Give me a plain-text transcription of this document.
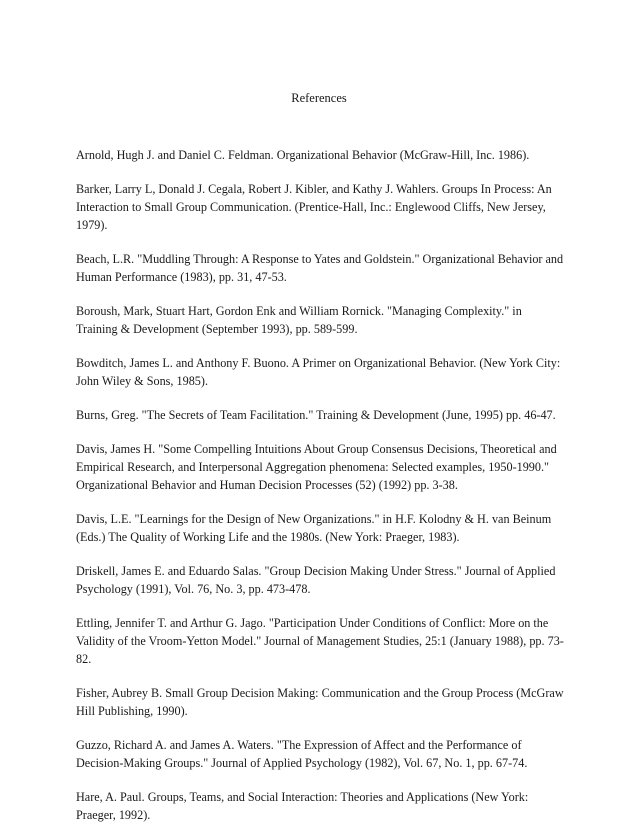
References
Arnold, Hugh J. and Daniel C. Feldman. Organizational Behavior (McGraw-Hill, Inc. 1986).
Barker, Larry L, Donald J. Cegala, Robert J. Kibler, and Kathy J. Wahlers. Groups In Process: An Interaction to Small Group Communication. (Prentice-Hall, Inc.: Englewood Cliffs, New Jersey, 1979).
Beach, L.R. "Muddling Through: A Response to Yates and Goldstein." Organizational Behavior and Human Performance (1983), pp. 31, 47-53.
Boroush, Mark, Stuart Hart, Gordon Enk and William Rornick. "Managing Complexity." in Training & Development (September 1993), pp. 589-599.
Bowditch, James L. and Anthony F. Buono. A Primer on Organizational Behavior. (New York City: John Wiley & Sons, 1985).
Burns, Greg. "The Secrets of Team Facilitation." Training & Development (June, 1995) pp. 46-47.
Davis, James H. "Some Compelling Intuitions About Group Consensus Decisions, Theoretical and Empirical Research, and Interpersonal Aggregation phenomena: Selected examples, 1950-1990." Organizational Behavior and Human Decision Processes (52) (1992) pp. 3-38.
Davis, L.E. "Learnings for the Design of New Organizations." in H.F. Kolodny & H. van Beinum (Eds.) The Quality of Working Life and the 1980s. (New York: Praeger, 1983).
Driskell, James E. and Eduardo Salas. "Group Decision Making Under Stress." Journal of Applied Psychology (1991), Vol. 76, No. 3, pp. 473-478.
Ettling, Jennifer T. and Arthur G. Jago. "Participation Under Conditions of Conflict: More on the Validity of the Vroom-Yetton Model." Journal of Management Studies, 25:1 (January 1988), pp. 73-82.
Fisher, Aubrey B. Small Group Decision Making: Communication and the Group Process (McGraw Hill Publishing, 1990).
Guzzo, Richard A. and James A. Waters. "The Expression of Affect and the Performance of Decision-Making Groups." Journal of Applied Psychology (1982), Vol. 67, No. 1, pp. 67-74.
Hare, A. Paul. Groups, Teams, and Social Interaction: Theories and Applications (New York: Praeger, 1992).
